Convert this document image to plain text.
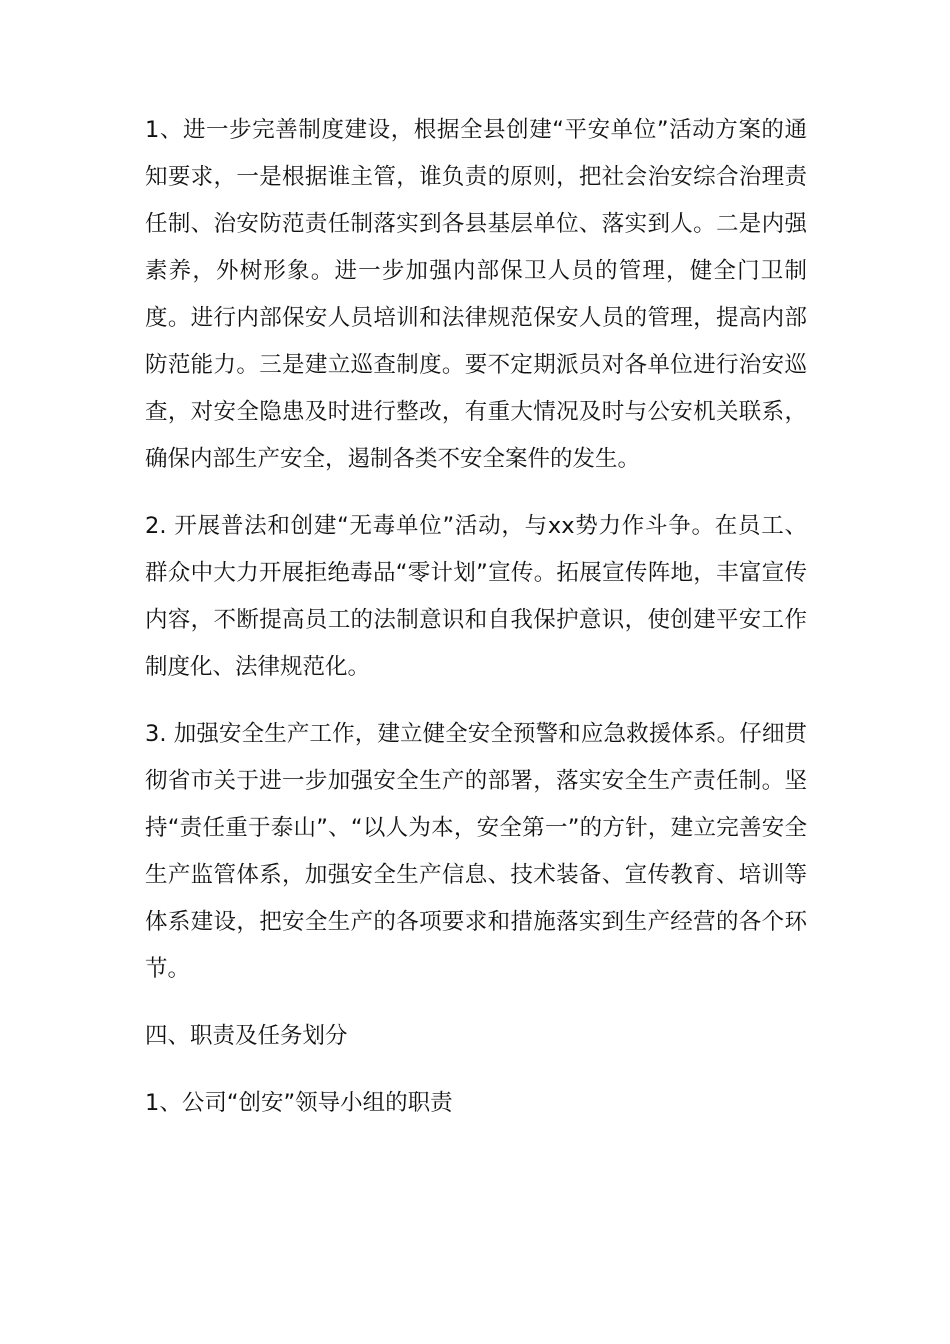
1、进一步完善制度建设，根据全县创建“平安单位”活动方案的通知要求，一是根据谁主管，谁负责的原则，把社会治安综合治理责任制、治安防范责任制落实到各县基层单位、落实到人。二是内强素养，外树形象。进一步加强内部保卫人员的管理，健全门卫制度。进行内部保安人员培训和法律规范保安人员的管理，提高内部防范能力。三是建立巡查制度。要不定期派员对各单位进行治安巡查，对安全隐患及时进行整改，有重大情况及时与公安机关联系，确保内部生产安全，遏制各类不安全案件的发生。

2. 开展普法和创建“无毒单位”活动，与xx势力作斗争。在员工、群众中大力开展拒绝毒品“零计划”宣传。拓展宣传阵地，丰富宣传内容，不断提高员工的法制意识和自我保护意识，使创建平安工作制度化、法律规范化。

3. 加强安全生产工作，建立健全安全预警和应急救援体系。仔细贯彻省市关于进一步加强安全生产的部署，落实安全生产责任制。坚持“责任重于泰山”、“以人为本，安全第一”的方针，建立完善安全生产监管体系，加强安全生产信息、技术装备、宣传教育、培训等体系建设，把安全生产的各项要求和措施落实到生产经营的各个环节。

四、职责及任务划分

1、公司“创安”领导小组的职责
